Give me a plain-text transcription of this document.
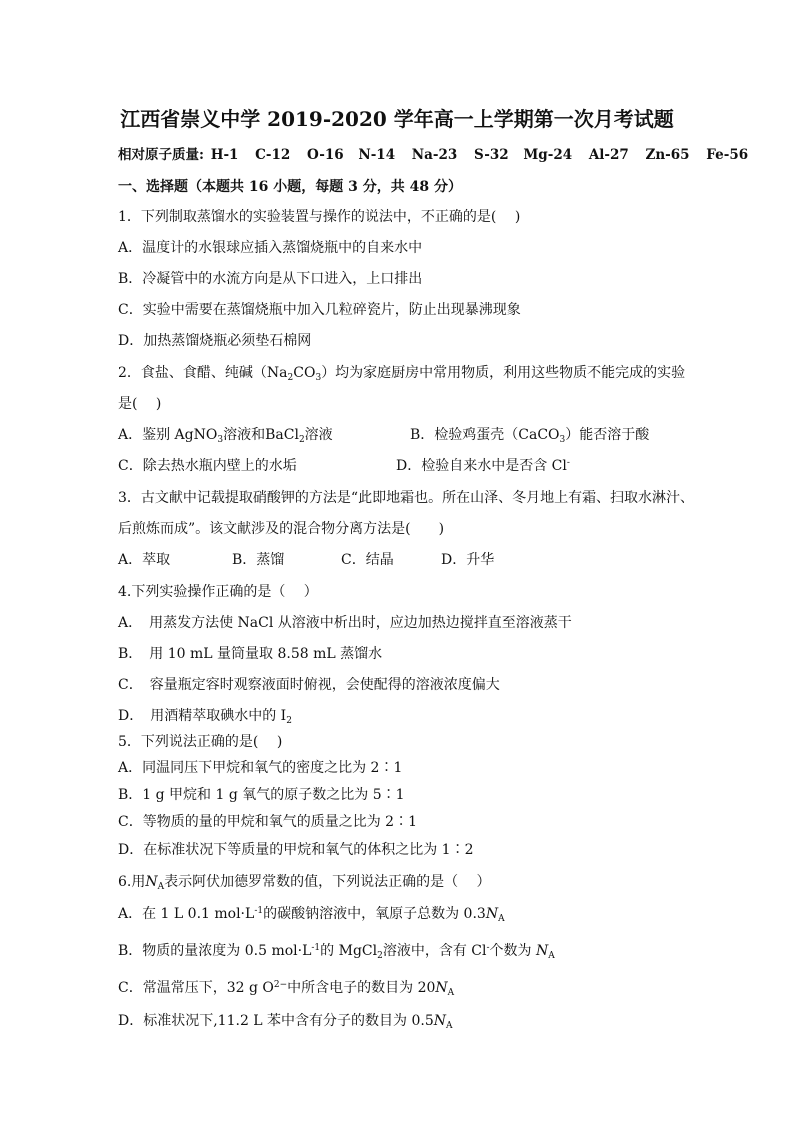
江西省崇义中学 2019-2020 学年高一上学期第一次月考试题
相对原子质量: H-1 C-12 O-16 N-14 Na-23 S-32 Mg-24 Al-27 Zn-65 Fe-56
一、选择题（本题共 16 小题，每题 3 分，共 48 分）
1．下列制取蒸馏水的实验装置与操作的说法中，不正确的是(　 )
A．温度计的水银球应插入蒸馏烧瓶中的自来水中
B．冷凝管中的水流方向是从下口进入，上口排出
C．实验中需要在蒸馏烧瓶中加入几粒碎瓷片，防止出现暴沸现象
D．加热蒸馏烧瓶必须垫石棉网
2．食盐、食醋、纯碱$(Na_2CO_3)$均为家庭厨房中常用物质，利用这些物质不能完成的实验
是(　 )
A．鉴别 AgNO$_3$溶液和BaCl$_2$溶液	B．检验鸡蛋壳（CaCO$_3$）能否溶于酸
C．除去热水瓶内壁上的水垢	D．检验自来水中是否含 Cl-
3．古文献中记载提取硝酸钾的方法是“此即地霜也。所在山泽、冬月地上有霜、扫取水淋汁、
后煎炼而成”。该文献涉及的混合物分离方法是(　　)
A．萃取	B．蒸馏	C．结晶	D．升华
4.下列实验操作正确的是（　 ）
A．　用蒸发方法使 NaCl 从溶液中析出时，应边加热边搅拌直至溶液蒸干
B．　用 10 mL 量筒量取 8.58 mL 蒸馏水
C．　容量瓶定容时观察液面时俯视，会使配得的溶液浓度偏大
D．　用酒精萃取碘水中的 $I_2$
5．下列说法正确的是(　 )
A．同温同压下甲烷和氧气的密度之比为 2∶1
B．1 g 甲烷和 1 g 氧气的原子数之比为 5∶1
C．等物质的量的甲烷和氧气的质量之比为 2∶1
D．在标准状况下等质量的甲烷和氧气的体积之比为 1∶2
6.用$N_A$表示阿伏加德罗常数的值，下列说法正确的是（　 ）
A．在 1 L 0.1 $mol\cdot L^{-1}$的碳酸钠溶液中，氧原子总数为 $0.3N_A$
B．物质的量浓度为 0.5 $mol\cdot L^{-1}$的 MgCl$_2$溶液中，含有 Cl-个数为 $N_A$
C．常温常压下，32 g $O^{2-}$中所含电子的数目为 $20N_A$
D．标准状况下,11.2 L 苯中含有分子的数目为 $0.5N_A$
